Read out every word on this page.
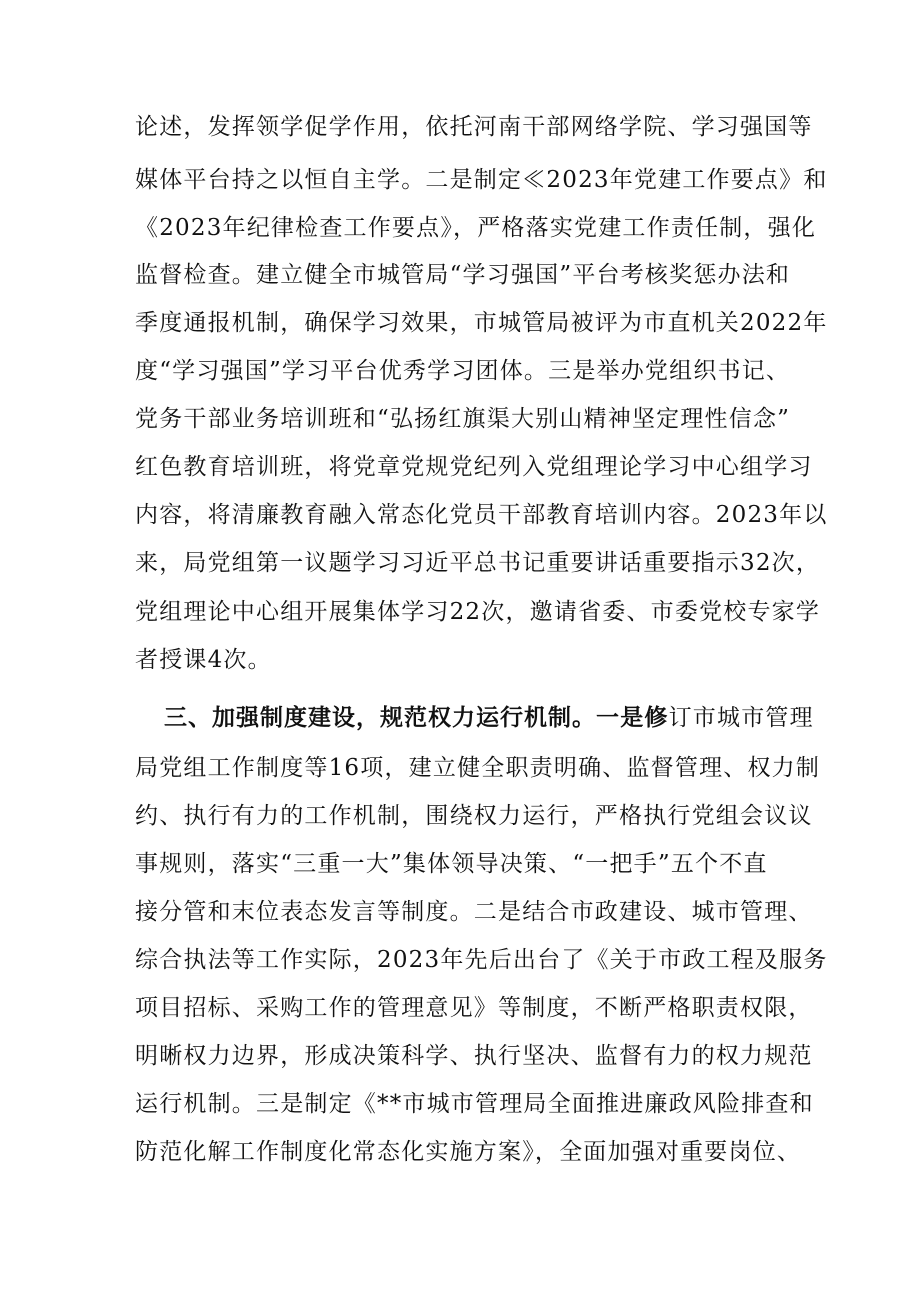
论述，发挥领学促学作用，依托河南干部网络学院、学习强国等
媒体平台持之以恒自主学。二是制定≪2023年党建工作要点》和
《2023年纪律检查工作要点》，严格落实党建工作责任制，强化
监督检查。建立健全市城管局“学习强国”平台考核奖惩办法和
季度通报机制，确保学习效果，市城管局被评为市直机关2022年
度“学习强国”学习平台优秀学习团体。三是举办党组织书记、
党务干部业务培训班和“弘扬红旗渠大别山精神坚定理性信念”
红色教育培训班，将党章党规党纪列入党组理论学习中心组学习
内容，将清廉教育融入常态化党员干部教育培训内容。2023年以
来，局党组第一议题学习习近平总书记重要讲话重要指示32次，
党组理论中心组开展集体学习22次，邀请省委、市委党校专家学
者授课4次。
三、加强制度建设，规范权力运行机制。一是修订市城市管理
局党组工作制度等16项，建立健全职责明确、监督管理、权力制
约、执行有力的工作机制，围绕权力运行，严格执行党组会议议
事规则，落实“三重一大”集体领导决策、“一把手”五个不直
接分管和末位表态发言等制度。二是结合市政建设、城市管理、
综合执法等工作实际，2023年先后出台了《关于市政工程及服务
项目招标、采购工作的管理意见》等制度，不断严格职责权限，
明晰权力边界，形成决策科学、执行坚决、监督有力的权力规范
运行机制。三是制定《**市城市管理局全面推进廉政风险排查和
防范化解工作制度化常态化实施方案》，全面加强对重要岗位、
